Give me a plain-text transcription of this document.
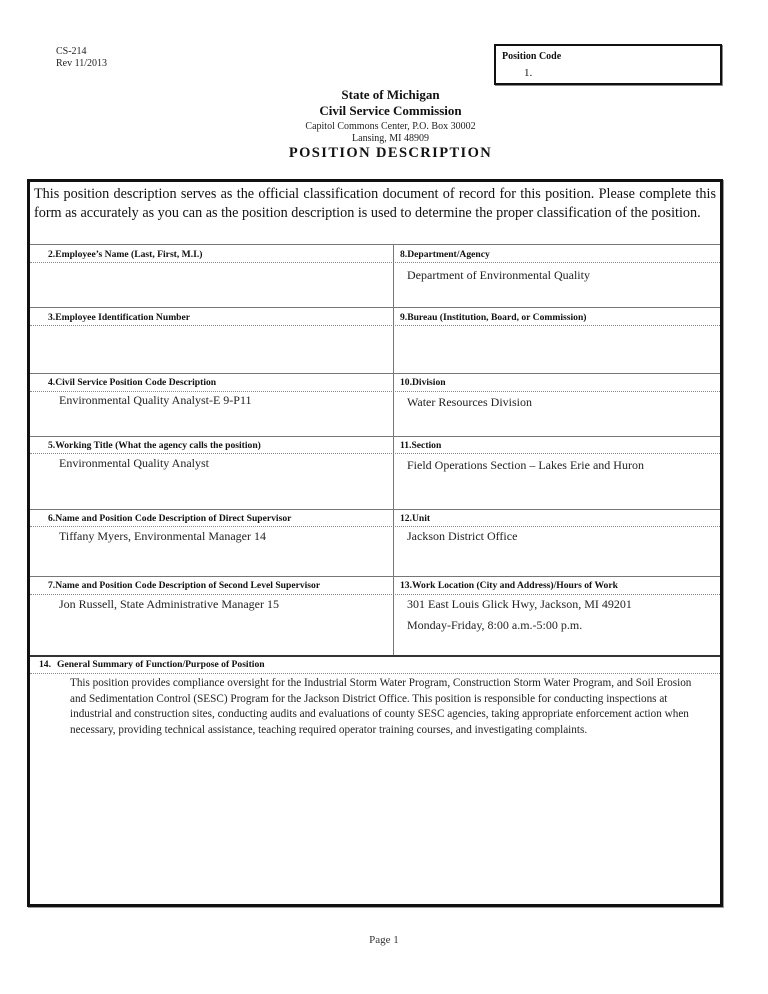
CS-214
Rev 11/2013
Position Code
1.
State of Michigan
Civil Service Commission
Capitol Commons Center, P.O. Box 30002
Lansing, MI 48909
POSITION DESCRIPTION
This position description serves as the official classification document of record for this position. Please complete this form as accurately as you can as the position description is used to determine the proper classification of the position.
2.Employee’s Name (Last, First, M.I.)	8.Department/Agency
Department of Environmental Quality
3.Employee Identification Number	9.Bureau (Institution, Board, or Commission)
4.Civil Service Position Code Description
Environmental Quality Analyst-E 9-P11
10.Division
Water Resources Division
5.Working Title (What the agency calls the position)
Environmental Quality Analyst
11.Section
Field Operations Section – Lakes Erie and Huron
6.Name and Position Code Description of Direct Supervisor
Tiffany Myers, Environmental Manager 14
12.Unit
Jackson District Office
7.Name and Position Code Description of Second Level Supervisor
Jon Russell, State Administrative Manager 15
13.Work Location (City and Address)/Hours of Work
301 East Louis Glick Hwy, Jackson, MI 49201
Monday-Friday, 8:00 a.m.-5:00 p.m.
14. General Summary of Function/Purpose of Position
This position provides compliance oversight for the Industrial Storm Water Program, Construction Storm Water Program, and Soil Erosion and Sedimentation Control (SESC) Program for the Jackson District Office. This position is responsible for conducting inspections at industrial and construction sites, conducting audits and evaluations of county SESC agencies, taking appropriate enforcement action when necessary, providing technical assistance, teaching required operator training courses, and investigating complaints.
Page 1
